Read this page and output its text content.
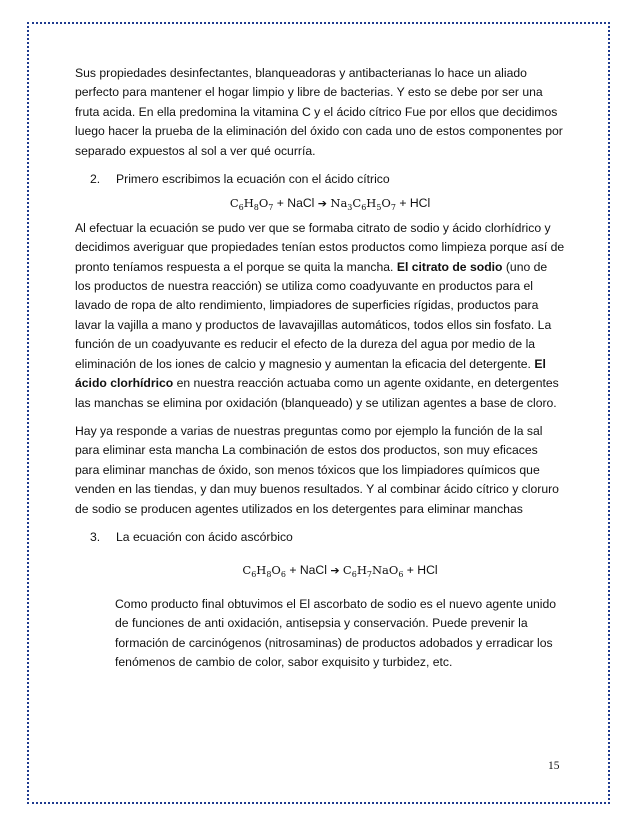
Sus propiedades desinfectantes, blanqueadoras y antibacterianas lo hace un aliado perfecto para mantener el hogar limpio y libre de bacterias. Y esto se debe por ser una fruta acida. En ella predomina la vitamina C y el ácido cítrico Fue por ellos que decidimos luego hacer la prueba de la eliminación del óxido con cada uno de estos componentes por separado expuestos al sol a ver qué ocurría.

2.	Primero escribimos la ecuación con el ácido cítrico
$C_6H_8O_7$ + NaCl ➔ $Na_3C_6H_5O_7$ + HCl

Al efectuar la ecuación se pudo ver que se formaba citrato de sodio y ácido clorhídrico y decidimos averiguar que propiedades tenían estos productos como limpieza porque así de pronto teníamos respuesta a el porque se quita la mancha. El citrato de sodio (uno de los productos de nuestra reacción) se utiliza como coadyuvante en productos para el lavado de ropa de alto rendimiento, limpiadores de superficies rígidas, productos para lavar la vajilla a mano y productos de lavavajillas automáticos, todos ellos sin fosfato. La función de un coadyuvante es reducir el efecto de la dureza del agua por medio de la eliminación de los iones de calcio y magnesio y aumentan la eficacia del detergente. El ácido clorhídrico en nuestra reacción actuaba como un agente oxidante, en detergentes las manchas se elimina por oxidación (blanqueado) y se utilizan agentes a base de cloro.

Hay ya responde a varias de nuestras preguntas como por ejemplo la función de la sal para eliminar esta mancha La combinación de estos dos productos, son muy eficaces para eliminar manchas de óxido, son menos tóxicos que los limpiadores químicos que venden en las tiendas, y dan muy buenos resultados. Y al combinar ácido cítrico y cloruro de sodio se producen agentes utilizados en los detergentes para eliminar manchas

3.	La ecuación con ácido ascórbico
$C_6H_8O_6$ + NaCl ➔ $C_6H_7NaO_6$ + HCl

Como producto final obtuvimos el El ascorbato de sodio es el nuevo agente unido de funciones de anti oxidación, antisepsia y conservación. Puede prevenir la formación de carcinógenos (nitrosaminas) de productos adobados y erradicar los fenómenos de cambio de color, sabor exquisito y turbidez, etc.

15
